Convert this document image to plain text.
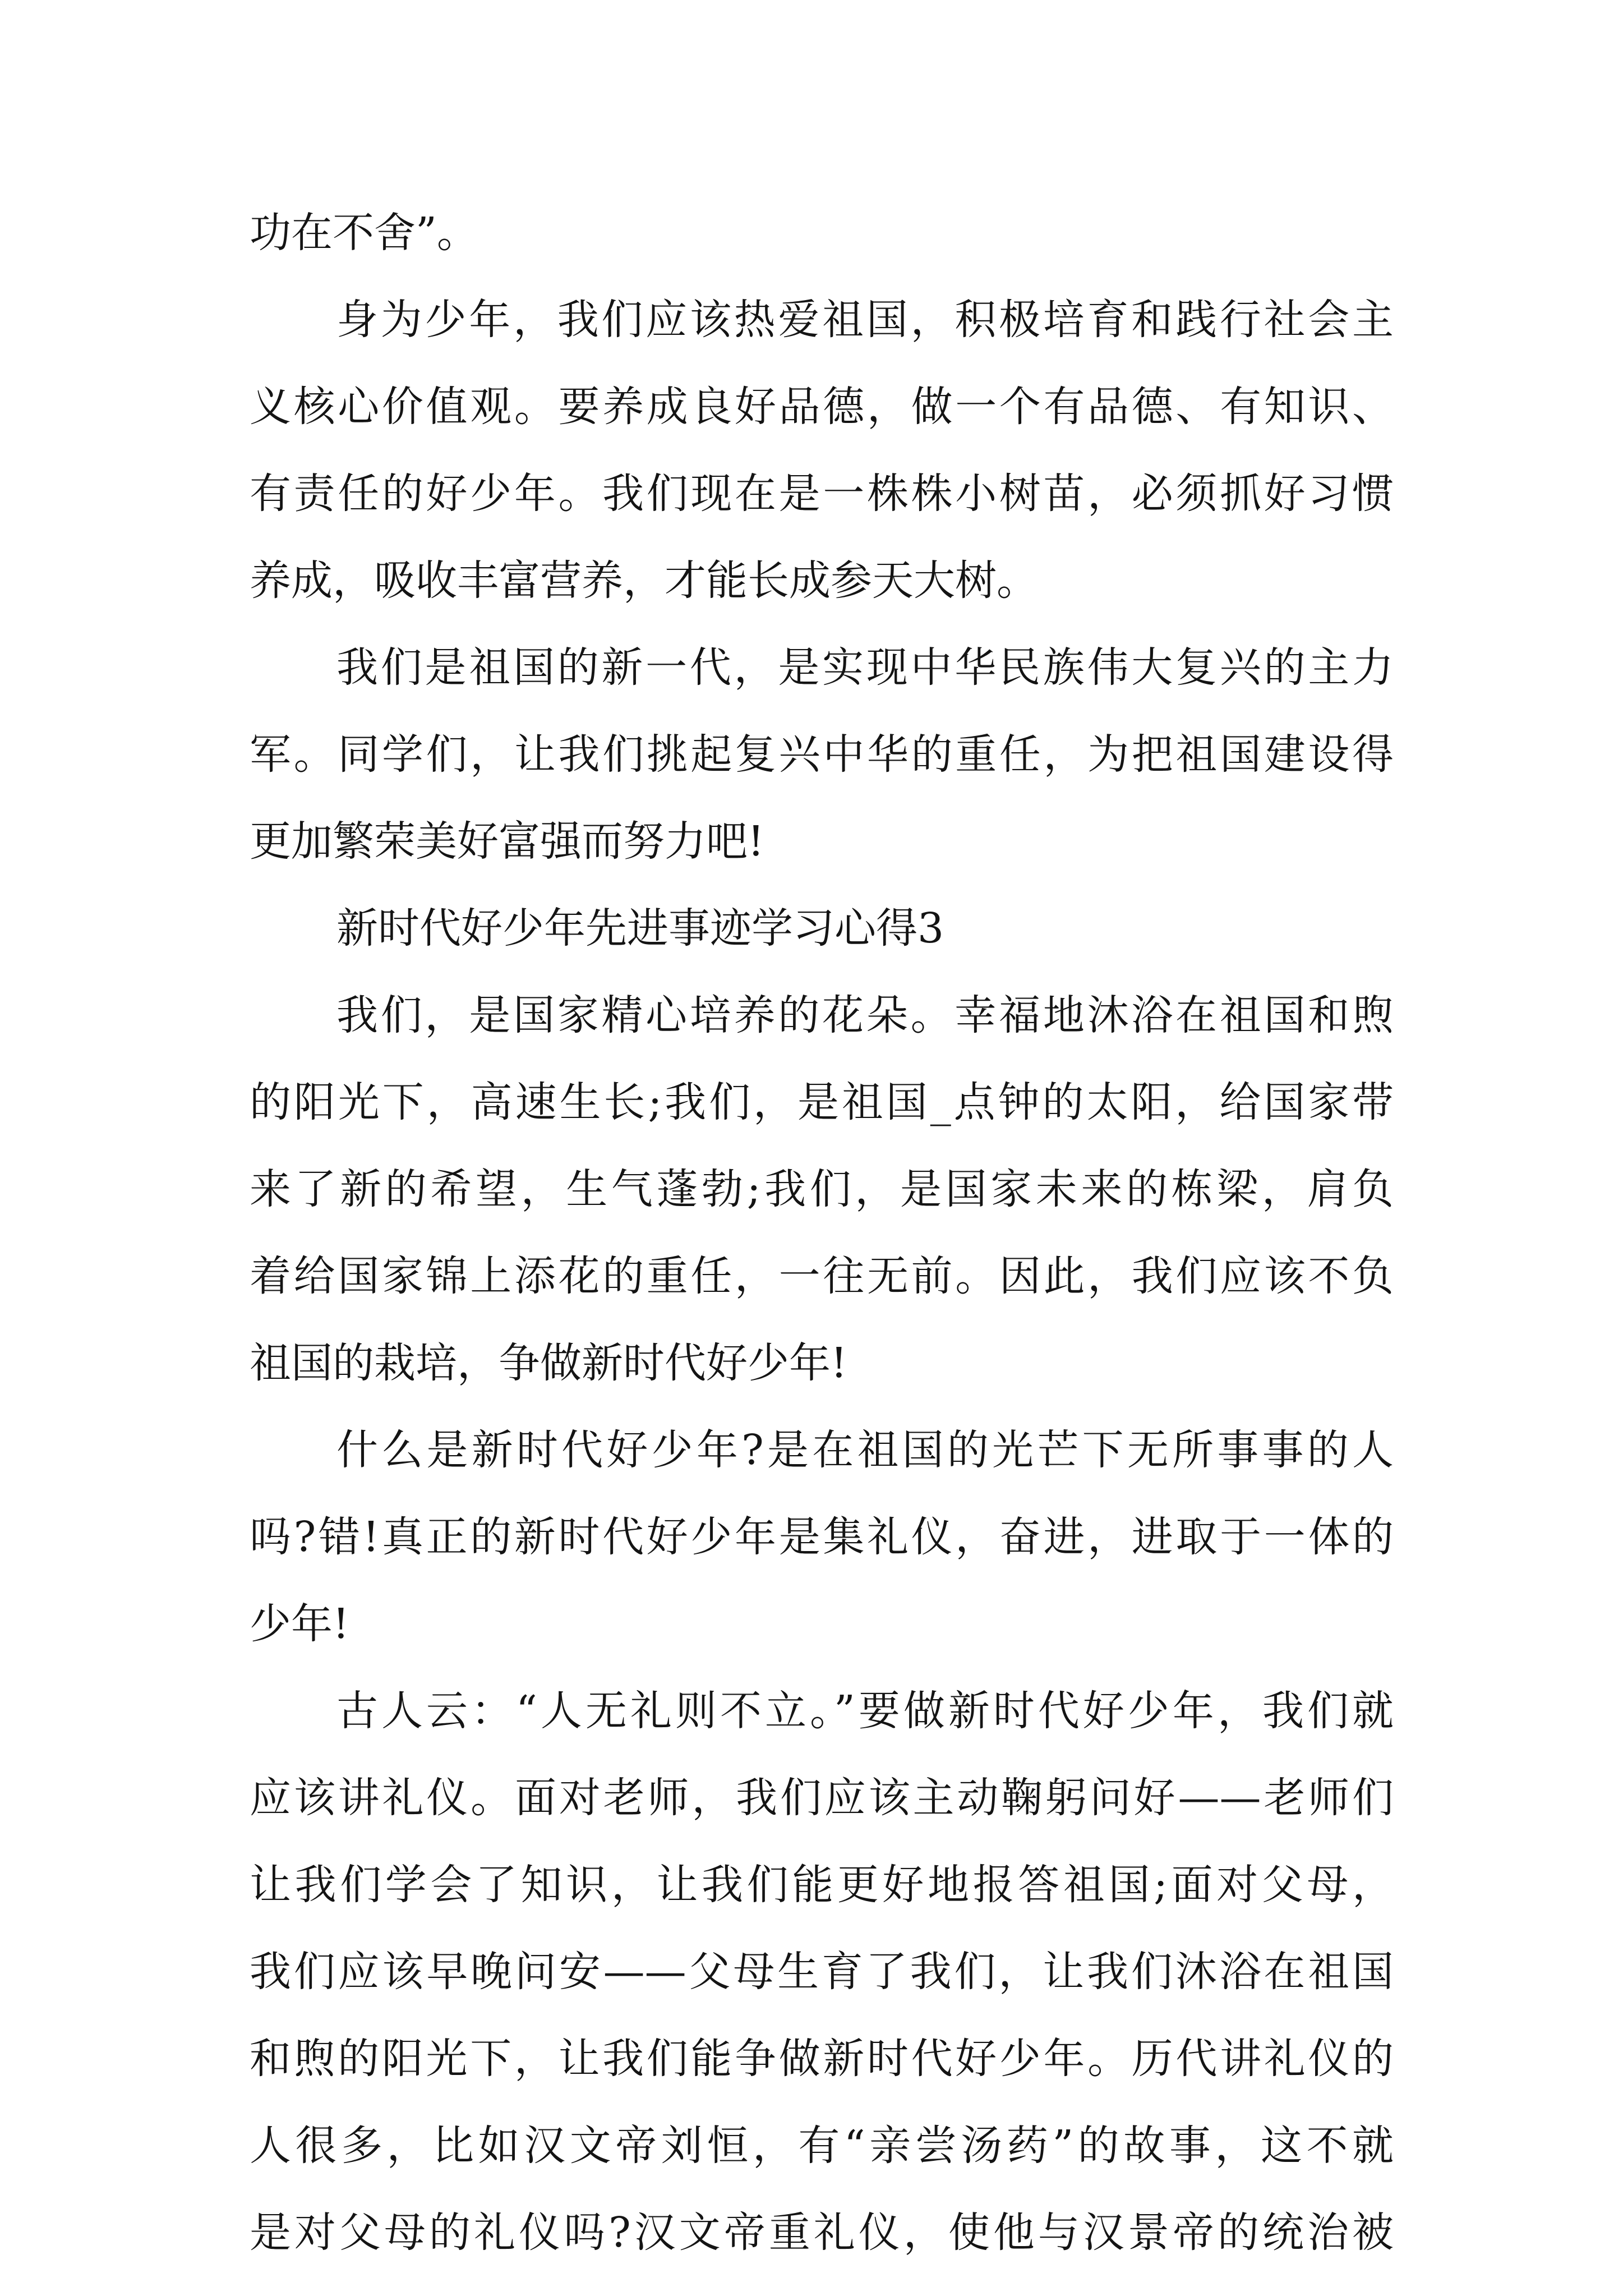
功在不舍”。
身为少年，我们应该热爱祖国，积极培育和践行社会主
义核心价值观。要养成良好品德，做一个有品德、有知识、
有责任的好少年。我们现在是一株株小树苗，必须抓好习惯
养成，吸收丰富营养，才能长成参天大树。
我们是祖国的新一代，是实现中华民族伟大复兴的主力
军。同学们，让我们挑起复兴中华的重任，为把祖国建设得
更加繁荣美好富强而努力吧!
新时代好少年先进事迹学习心得3
我们，是国家精心培养的花朵。幸福地沐浴在祖国和煦
的阳光下，高速生长;我们，是祖国_点钟的太阳，给国家带
来了新的希望，生气蓬勃;我们，是国家未来的栋梁，肩负
着给国家锦上添花的重任，一往无前。因此，我们应该不负
祖国的栽培，争做新时代好少年!
什么是新时代好少年?是在祖国的光芒下无所事事的人
吗?错!真正的新时代好少年是集礼仪，奋进，进取于一体的
少年!
古人云：“人无礼则不立。”要做新时代好少年，我们就
应该讲礼仪。面对老师，我们应该主动鞠躬问好——老师们
让我们学会了知识，让我们能更好地报答祖国;面对父母，
我们应该早晚问安——父母生育了我们，让我们沐浴在祖国
和煦的阳光下，让我们能争做新时代好少年。历代讲礼仪的
人很多，比如汉文帝刘恒，有“亲尝汤药”的故事，这不就
是对父母的礼仪吗?汉文帝重礼仪，使他与汉景帝的统治被
